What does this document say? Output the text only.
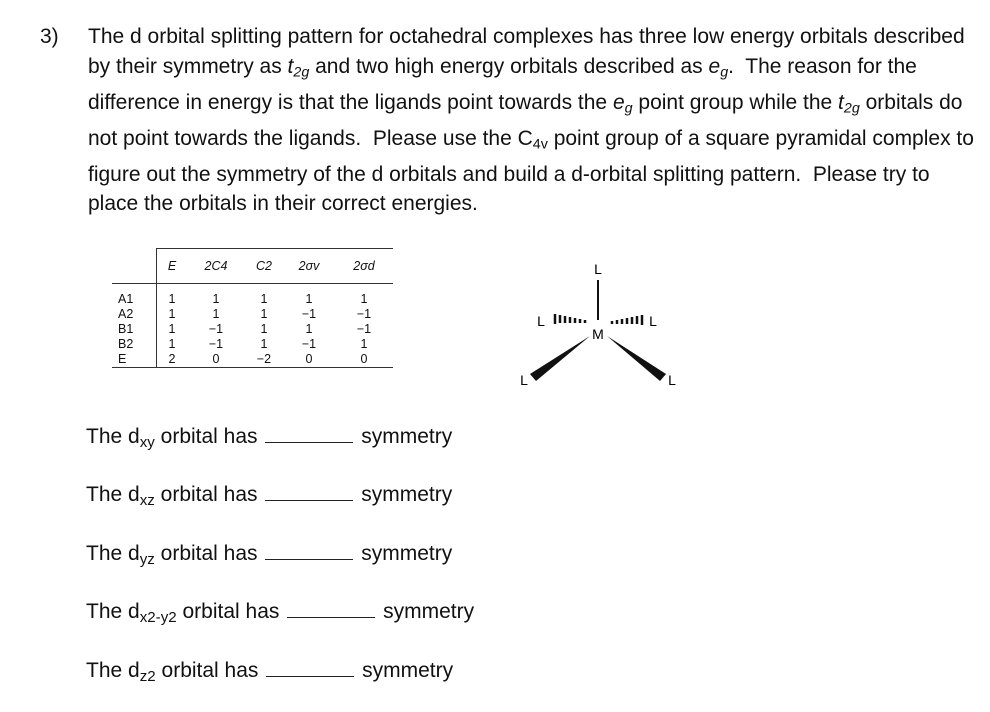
3) The d orbital splitting pattern for octahedral complexes has three low energy orbitals described by their symmetry as $t_{2g}$ and two high energy orbitals described as $e_g$.  The reason for the difference in energy is that the ligands point towards the $e_g$ point group while the $t_{2g}$ orbitals do not point towards the ligands.  Please use the $C_{4v}$ point group of a square pyramidal complex to figure out the symmetry of the d orbitals and build a d-orbital splitting pattern.  Please try to place the orbitals in their correct energies.
	E	2C4	C2	2σv	2σd
A1	1	1	1	1	1
A2	1	1	1	−1	−1
B1	1	−1	1	1	−1
B2	1	−1	1	−1	1
E	2	0	−2	0	0
L
M
L	L
L	L
The dxy orbital has	symmetry
The dxz orbital has	symmetry
The dyz orbital has	symmetry
The dx2-y2 orbital has	symmetry
The dz2 orbital has	symmetry
